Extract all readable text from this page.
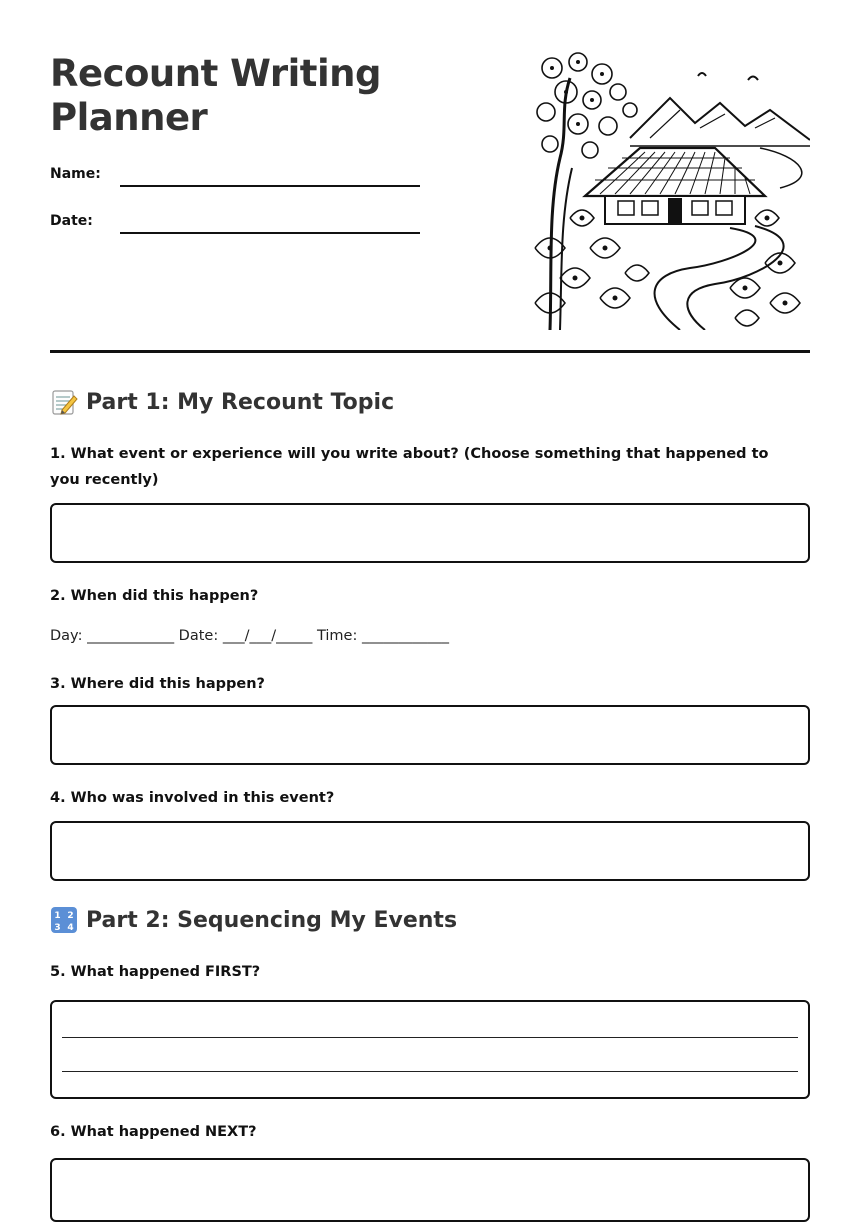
Recount Writing Planner
Name:
Date:
Part 1: My Recount Topic
1. What event or experience will you write about? (Choose something that happened to you recently)
2. When did this happen?
Day: ____________ Date: ___/___/_____ Time: ____________
3. Where did this happen?
4. Who was involved in this event?
1 2
3 4 Part 2: Sequencing My Events
5. What happened FIRST?
6. What happened NEXT?
